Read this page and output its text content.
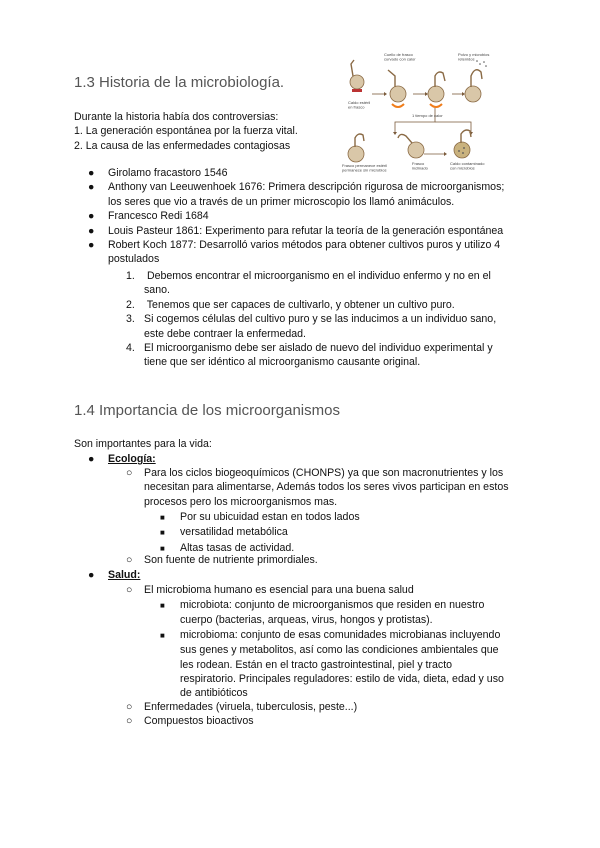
1.3 Historia de la microbiología.
Durante la historia había dos controversias:
1. La generación espontánea por la fuerza vital.
2. La causa de las enfermedades contagiosas
Cuello de frasco curvado con calor
Polvo y microbios retenidos
Caldo estéril en frasco
1 tiempo de calor
Frasco permanece estéril permanece sin microbios
Frasco inclinado
Caldo contaminado con microbios
● Girolamo fracastoro 1546
● Anthony van Leeuwenhoek 1676: Primera descripción rigurosa de microorganismos;
los seres que vio a través de un primer microscopio los llamó animáculos.
● Francesco Redi 1684
● Louis Pasteur 1861: Experimento para refutar la teoría de la generación espontánea
● Robert Koch 1877: Desarrolló varios métodos para obtener cultivos puros y utilizo 4
postulados
1. Debemos encontrar el microorganismo en el individuo enfermo y no en el
sano.
2. Tenemos que ser capaces de cultivarlo, y obtener un cultivo puro.
3. Si cogemos células del cultivo puro y se las inducimos a un individuo sano,
este debe contraer la enfermedad.
4. El microorganismo debe ser aislado de nuevo del individuo experimental y
tiene que ser idéntico al microorganismo causante original.
1.4 Importancia de los microorganismos
Son importantes para la vida:
● Ecología:
○ Para los ciclos biogeoquímicos (CHONPS) ya que son macronutrientes y los
necesitan para alimentarse, Además todos los seres vivos participan en estos
procesos pero los microorganismos mas.
■ Por su ubicuidad estan en todos lados
■ versatilidad metabólica
■ Altas tasas de actividad.
○ Son fuente de nutriente primordiales.
● Salud:
○ El microbioma humano es esencial para una buena salud
■ microbiota: conjunto de microorganismos que residen en nuestro
cuerpo (bacterias, arqueas, virus, hongos y protistas).
■ microbioma: conjunto de esas comunidades microbianas incluyendo
sus genes y metabolitos, así como las condiciones ambientales que
les rodean. Están en el tracto gastrointestinal, piel y tracto
respiratorio. Principales reguladores: estilo de vida, dieta, edad y uso
de antibióticos
○ Enfermedades (viruela, tuberculosis, peste...)
○ Compuestos bioactivos
